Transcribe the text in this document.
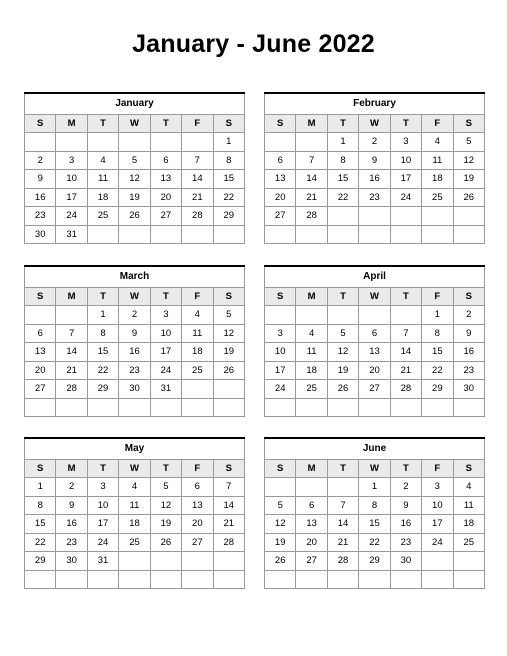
January - June 2022
January
S	M	T	W	T	F	S
						1
2	3	4	5	6	7	8
9	10	11	12	13	14	15
16	17	18	19	20	21	22
23	24	25	26	27	28	29
30	31					
February
S	M	T	W	T	F	S
		1	2	3	4	5
6	7	8	9	10	11	12
13	14	15	16	17	18	19
20	21	22	23	24	25	26
27	28					

March
S	M	T	W	T	F	S
		1	2	3	4	5
6	7	8	9	10	11	12
13	14	15	16	17	18	19
20	21	22	23	24	25	26
27	28	29	30	31		

April
S	M	T	W	T	F	S
					1	2
3	4	5	6	7	8	9
10	11	12	13	14	15	16
17	18	19	20	21	22	23
24	25	26	27	28	29	30

May
S	M	T	W	T	F	S
1	2	3	4	5	6	7
8	9	10	11	12	13	14
15	16	17	18	19	20	21
22	23	24	25	26	27	28
29	30	31				

June
S	M	T	W	T	F	S
			1	2	3	4
5	6	7	8	9	10	11
12	13	14	15	16	17	18
19	20	21	22	23	24	25
26	27	28	29	30		
